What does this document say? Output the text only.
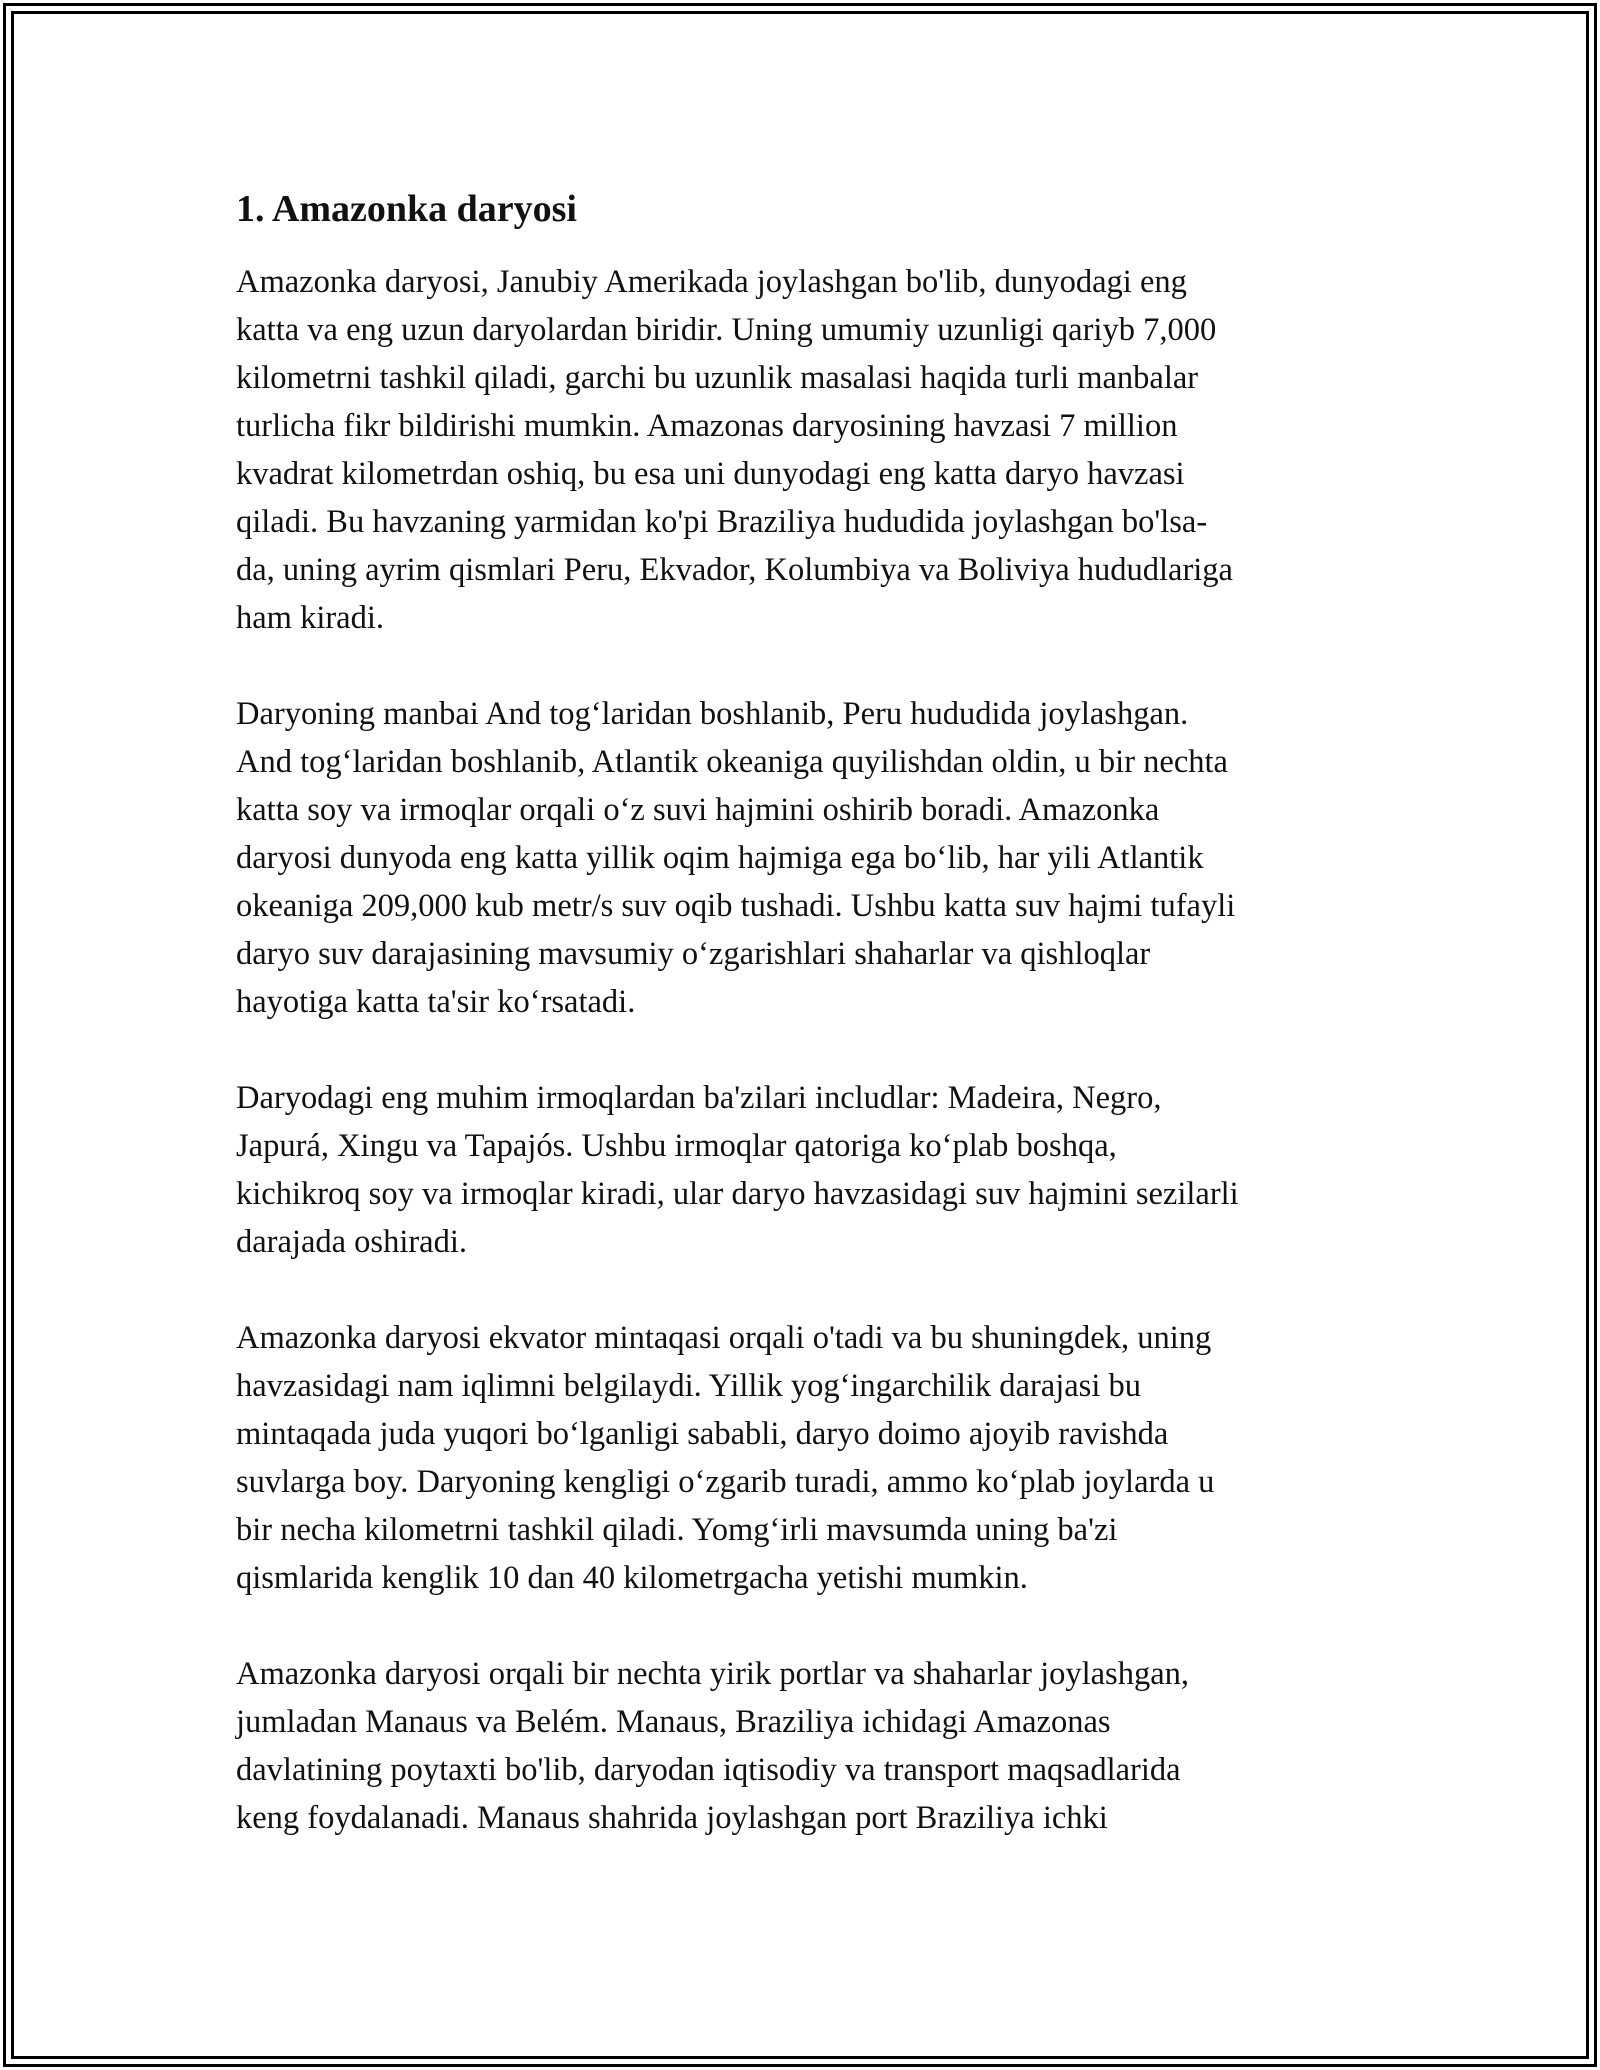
1. Amazonka daryosi

Amazonka daryosi, Janubiy Amerikada joylashgan bo'lib, dunyodagi eng
katta va eng uzun daryolardan biridir. Uning umumiy uzunligi qariyb 7,000
kilometrni tashkil qiladi, garchi bu uzunlik masalasi haqida turli manbalar
turlicha fikr bildirishi mumkin. Amazonas daryosining havzasi 7 million
kvadrat kilometrdan oshiq, bu esa uni dunyodagi eng katta daryo havzasi
qiladi. Bu havzaning yarmidan ko'pi Braziliya hududida joylashgan bo'lsa-
da, uning ayrim qismlari Peru, Ekvador, Kolumbiya va Boliviya hududlariga
ham kiradi.

Daryoning manbai And tog‘laridan boshlanib, Peru hududida joylashgan.
And tog‘laridan boshlanib, Atlantik okeaniga quyilishdan oldin, u bir nechta
katta soy va irmoqlar orqali o‘z suvi hajmini oshirib boradi. Amazonka
daryosi dunyoda eng katta yillik oqim hajmiga ega bo‘lib, har yili Atlantik
okeaniga 209,000 kub metr/s suv oqib tushadi. Ushbu katta suv hajmi tufayli
daryo suv darajasining mavsumiy o‘zgarishlari shaharlar va qishloqlar
hayotiga katta ta'sir ko‘rsatadi.

Daryodagi eng muhim irmoqlardan ba'zilari includlar: Madeira, Negro,
Japurá, Xingu va Tapajós. Ushbu irmoqlar qatoriga ko‘plab boshqa,
kichikroq soy va irmoqlar kiradi, ular daryo havzasidagi suv hajmini sezilarli
darajada oshiradi.

Amazonka daryosi ekvator mintaqasi orqali o'tadi va bu shuningdek, uning
havzasidagi nam iqlimni belgilaydi. Yillik yog‘ingarchilik darajasi bu
mintaqada juda yuqori bo‘lganligi sababli, daryo doimo ajoyib ravishda
suvlarga boy. Daryoning kengligi o‘zgarib turadi, ammo ko‘plab joylarda u
bir necha kilometrni tashkil qiladi. Yomg‘irli mavsumda uning ba'zi
qismlarida kenglik 10 dan 40 kilometrgacha yetishi mumkin.

Amazonka daryosi orqali bir nechta yirik portlar va shaharlar joylashgan,
jumladan Manaus va Belém. Manaus, Braziliya ichidagi Amazonas
davlatining poytaxti bo'lib, daryodan iqtisodiy va transport maqsadlarida
keng foydalanadi. Manaus shahrida joylashgan port Braziliya ichki
